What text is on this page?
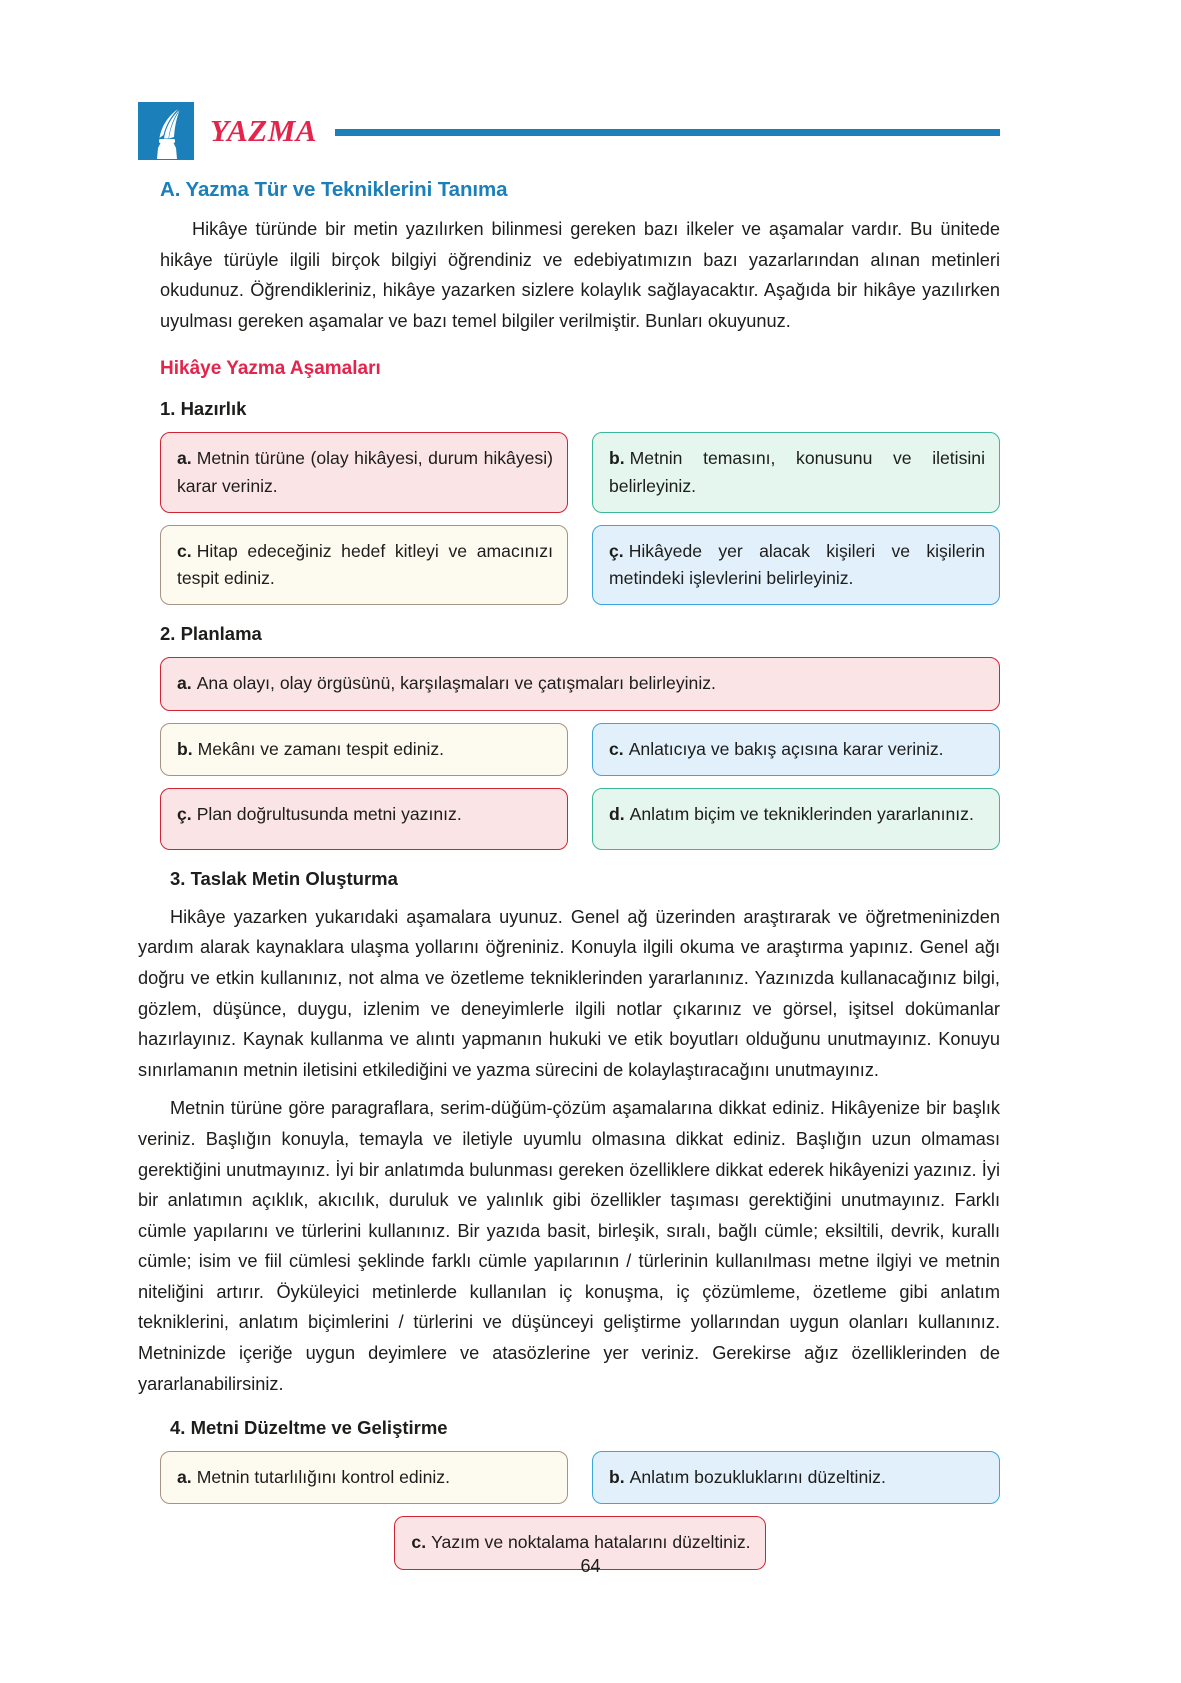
YAZMA
A. Yazma Tür ve Tekniklerini Tanıma

Hikâye türünde bir metin yazılırken bilinmesi gereken bazı ilkeler ve aşamalar vardır. Bu ünitede hikâye türüyle ilgili birçok bilgiyi öğrendiniz ve edebiyatımızın bazı yazarlarından alınan metinleri okudunuz. Öğrendikleriniz, hikâye yazarken sizlere kolaylık sağlayacaktır. Aşağıda bir hikâye yazılırken uyulması gereken aşamalar ve bazı temel bilgiler verilmiştir. Bunları okuyunuz.

Hikâye Yazma Aşamaları
1. Hazırlık
a. Metnin türüne (olay hikâyesi, durum hikâyesi) karar veriniz.
b. Metnin temasını, konusunu ve iletisini belirleyiniz.
c. Hitap edeceğiniz hedef kitleyi ve amacınızı tespit ediniz.
ç. Hikâyede yer alacak kişileri ve kişilerin metindeki işlevlerini belirleyiniz.
2. Planlama
a. Ana olayı, olay örgüsünü, karşılaşmaları ve çatışmaları belirleyiniz.
b. Mekânı ve zamanı tespit ediniz.	c. Anlatıcıya ve bakış açısına karar veriniz.
ç. Plan doğrultusunda metni yazınız.	d. Anlatım biçim ve tekniklerinden yararlanınız.
3. Taslak Metin Oluşturma

Hikâye yazarken yukarıdaki aşamalara uyunuz. Genel ağ üzerinden araştırarak ve öğretmeninizden yardım alarak kaynaklara ulaşma yollarını öğreniniz. Konuyla ilgili okuma ve araştırma yapınız. Genel ağı doğru ve etkin kullanınız, not alma ve özetleme tekniklerinden yararlanınız. Yazınızda kullanacağınız bilgi, gözlem, düşünce, duygu, izlenim ve deneyimlerle ilgili notlar çıkarınız ve görsel, işitsel dokümanlar hazırlayınız. Kaynak kullanma ve alıntı yapmanın hukuki ve etik boyutları olduğunu unutmayınız. Konuyu sınırlamanın metnin iletisini etkilediğini ve yazma sürecini de kolaylaştıracağını unutmayınız.

Metnin türüne göre paragraflara, serim-düğüm-çözüm aşamalarına dikkat ediniz. Hikâyenize bir başlık veriniz. Başlığın konuyla, temayla ve iletiyle uyumlu olmasına dikkat ediniz. Başlığın uzun olmaması gerektiğini unutmayınız. İyi bir anlatımda bulunması gereken özelliklere dikkat ederek hikâyenizi yazınız. İyi bir anlatımın açıklık, akıcılık, duruluk ve yalınlık gibi özellikler taşıması gerektiğini unutmayınız. Farklı cümle yapılarını ve türlerini kullanınız. Bir yazıda basit, birleşik, sıralı, bağlı cümle; eksiltili, devrik, kurallı cümle; isim ve fiil cümlesi şeklinde farklı cümle yapılarının / türlerinin kullanılması metne ilgiyi ve metnin niteliğini artırır. Öyküleyici metinlerde kullanılan iç konuşma, iç çözümleme, özetleme gibi anlatım tekniklerini, anlatım biçimlerini / türlerini ve düşünceyi geliştirme yollarından uygun olanları kullanınız. Metninizde içeriğe uygun deyimlere ve atasözlerine yer veriniz. Gerekirse ağız özelliklerinden de yararlanabilirsiniz.

4. Metni Düzeltme ve Geliştirme
a. Metnin tutarlılığını kontrol ediniz.	b. Anlatım bozukluklarını düzeltiniz.
c. Yazım ve noktalama hatalarını düzeltiniz.
64
